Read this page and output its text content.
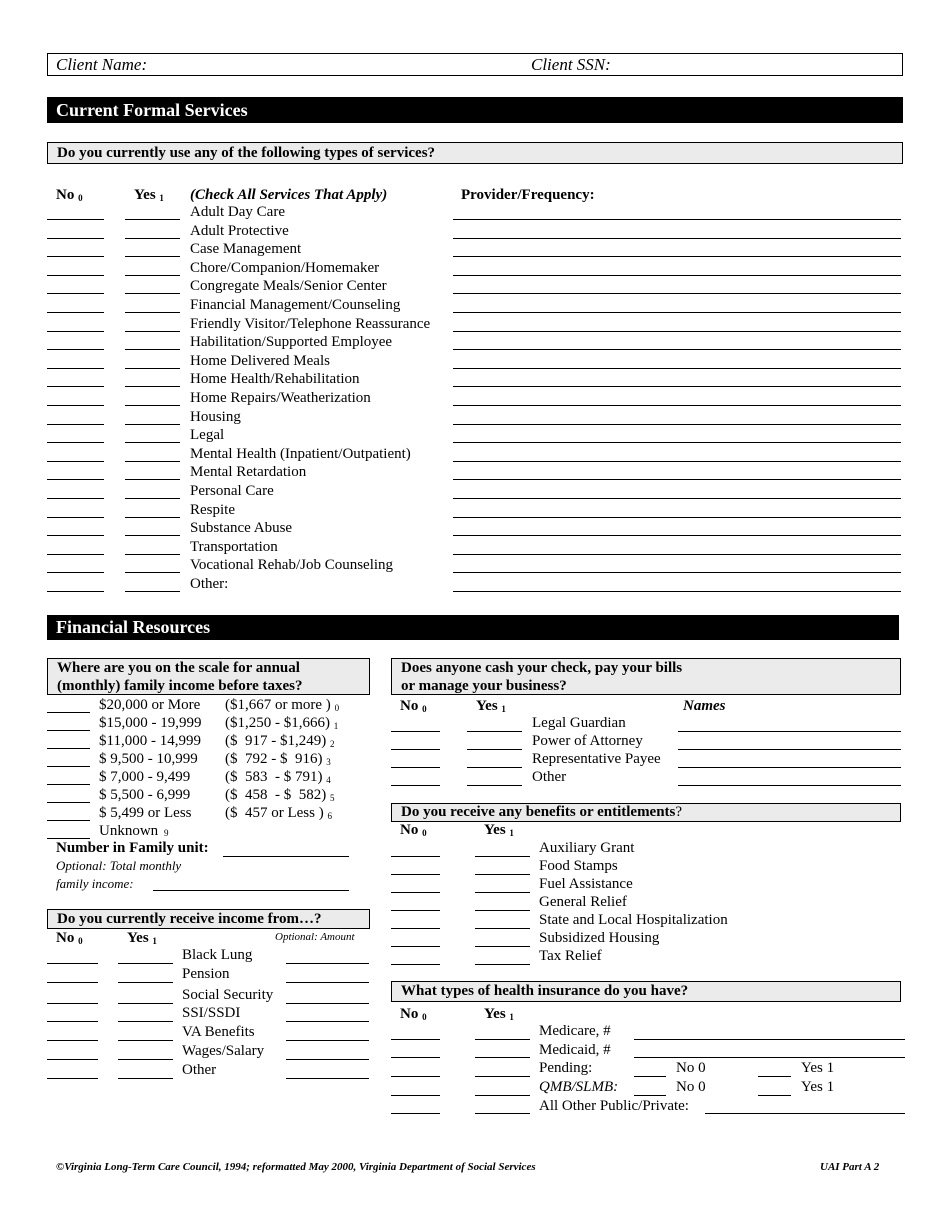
Client Name:	Client SSN:
Current Formal Services
Do you currently use any of the following types of services?
No $_0$	Yes $_1$ (Check All Services That Apply)	Provider/Frequency:
Adult Day Care
Adult Protective
Case Management
Chore/Companion/Homemaker
Congregate Meals/Senior Center
Financial Management/Counseling
Friendly Visitor/Telephone Reassurance
Habilitation/Supported Employee
Home Delivered Meals
Home Health/Rehabilitation
Home Repairs/Weatherization
Housing
Legal
Mental Health (Inpatient/Outpatient)
Mental Retardation
Personal Care
Respite
Substance Abuse
Transportation
Vocational Rehab/Job Counseling
Other:
Financial Resources
Where are you on the scale for annual
(monthly) family income before taxes?
$20,000 or More ($1,667 or more ) $_0$
$15,000 - 19,999 ($1,250 - $1,666) $_1$
$11,000 - 14,999 ($  917 - $1,249) $_2$
$ 9,500 - 10,999 ($  792 - $  916) $_3$
$ 7,000 - 9,499 ($  583  - $ 791) $_4$
$ 5,500 - 6,999 ($  458  - $  582) $_5$
$ 5,499 or Less ($  457 or Less ) $_6$
Unknown 9
Number in Family unit:
Optional: Total monthly
family income:
Do you currently receive income from…?
No $_0$	Yes $_1$	Optional: Amount
Black Lung
Pension
Social Security
SSI/SSDI
VA Benefits
Wages/Salary
Other
Does anyone cash your check, pay your bills
or manage your business?
No $_0$	Yes $_1$	Names
Legal Guardian
Power of Attorney
Representative Payee
Other
Do you receive any benefits or entitlements?
No $_0$	Yes $_1$
Auxiliary Grant
Food Stamps
Fuel Assistance
General Relief
State and Local Hospitalization
Subsidized Housing
Tax Relief
What types of health insurance do you have?
No $_0$	Yes $_1$
Medicare, #
Medicaid, #
Pending:	No 0	Yes 1
QMB/SLMB:	No 0	Yes 1
All Other Public/Private:
©Virginia Long-Term Care Council, 1994; reformatted May 2000, Virginia Department of Social Services	UAI Part A 2
